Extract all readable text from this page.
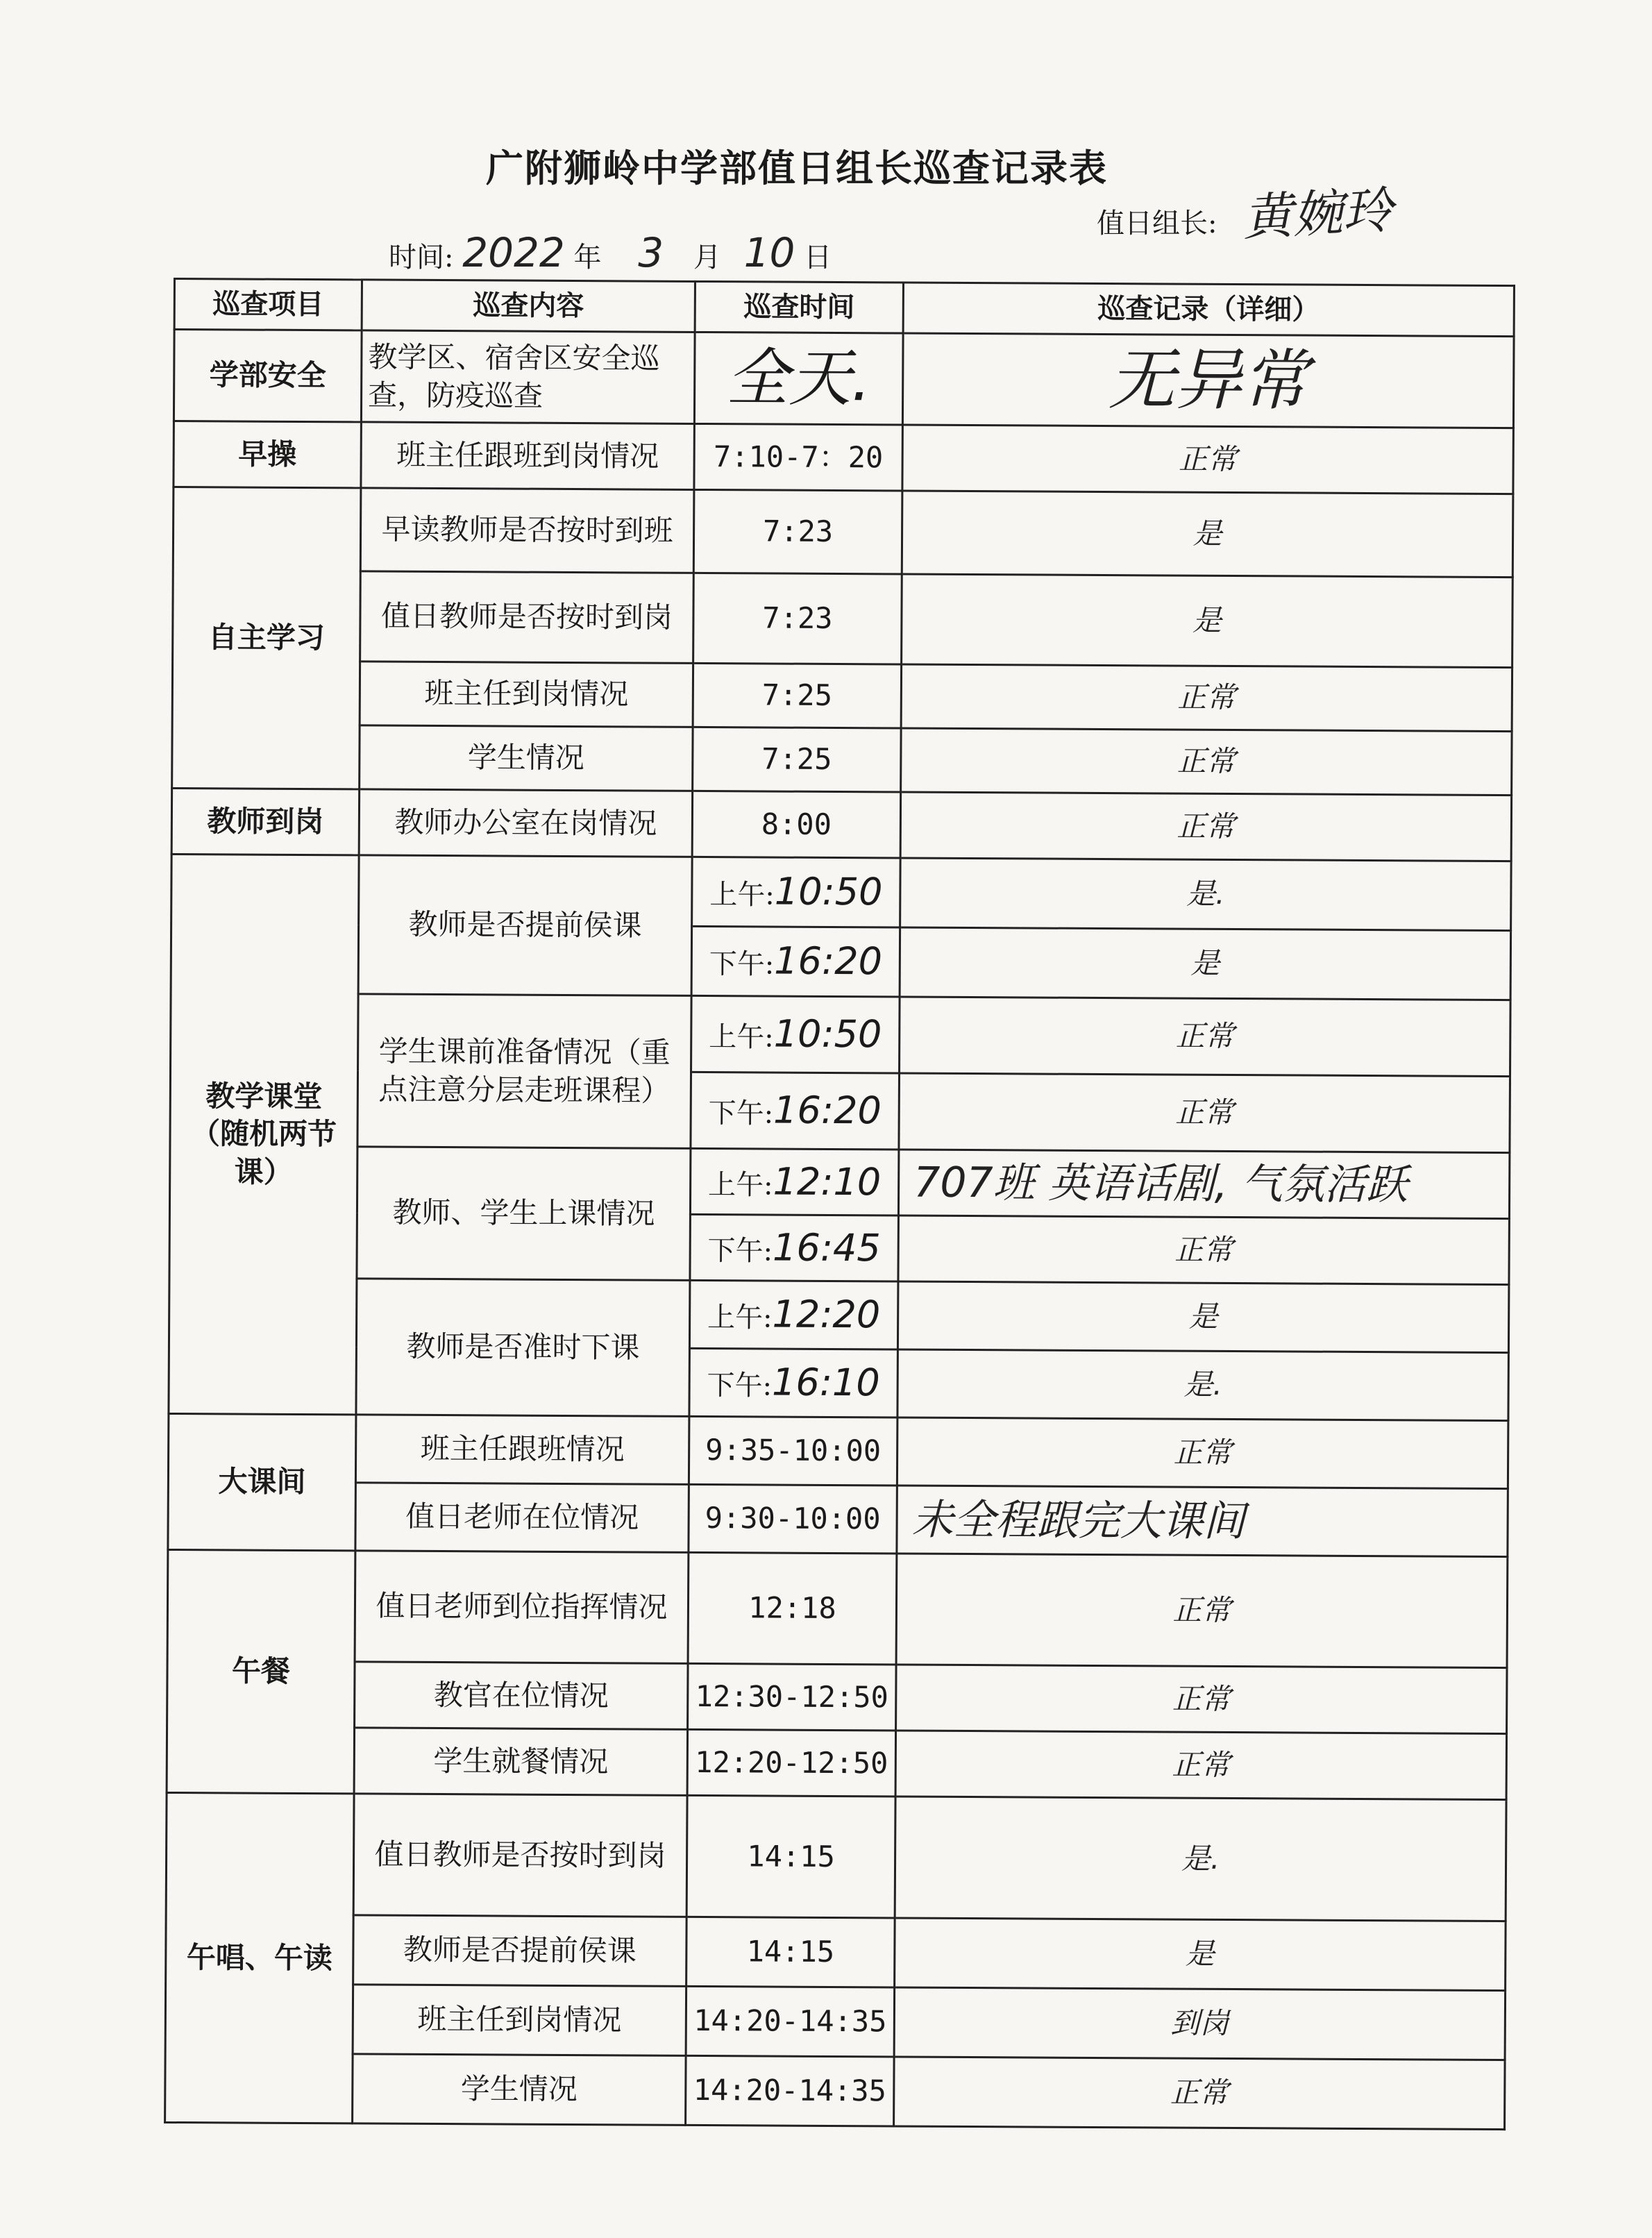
广附狮岭中学部值日组长巡查记录表
值日组长: 黄婉玲
时间: 2022 年 3 月 10 日
巡查项目	巡查内容	巡查时间	巡查记录（详细）
学部安全	教学区、宿舍区安全巡查，防疫巡查	全天.	无异常
早操	班主任跟班到岗情况	7:10-7：20	正常
自主学习	早读教师是否按时到班	7:23	是
	值日教师是否按时到岗	7:23	是
	班主任到岗情况	7:25	正常
	学生情况	7:25	正常
教师到岗	教师办公室在岗情况	8:00	正常
教学课堂（随机两节课）	教师是否提前侯课	上午:10:50	是.
		下午:16:20	是
	学生课前准备情况（重点注意分层走班课程）	上午:10:50	正常
		下午:16:20	正常
	教师、学生上课情况	上午:12:10	707班 英语话剧, 气氛活跃
		下午:16:45	正常
	教师是否准时下课	上午:12:20	是
		下午:16:10	是.
大课间	班主任跟班情况	9:35-10:00	正常
	值日老师在位情况	9:30-10:00	未全程跟完大课间
午餐	值日老师到位指挥情况	12:18	正常
	教官在位情况	12:30-12:50	正常
	学生就餐情况	12:20-12:50	正常
午唱、午读	值日教师是否按时到岗	14:15	是.
	教师是否提前侯课	14:15	是
	班主任到岗情况	14:20-14:35	到岗
	学生情况	14:20-14:35	正常
